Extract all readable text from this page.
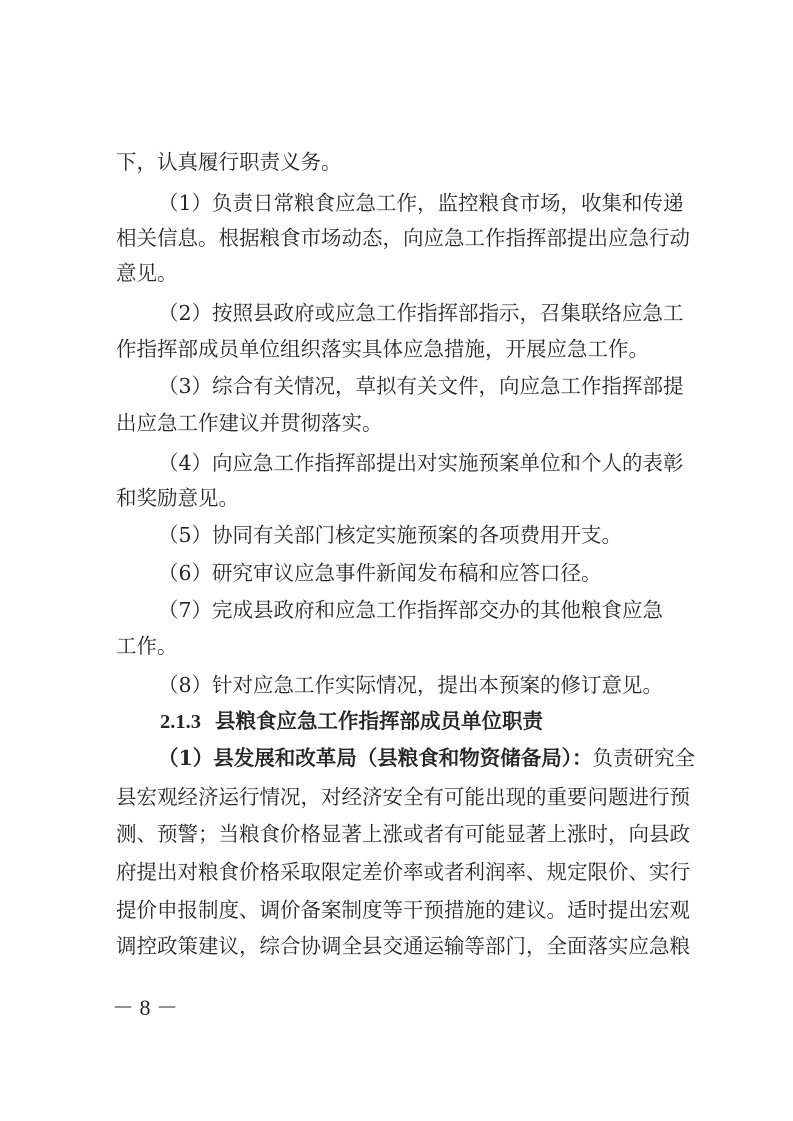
下，认真履行职责义务。

（1）负责日常粮食应急工作，监控粮食市场，收集和传递

相关信息。根据粮食市场动态，向应急工作指挥部提出应急行动

意见。

（2）按照县政府或应急工作指挥部指示，召集联络应急工

作指挥部成员单位组织落实具体应急措施，开展应急工作。

（3）综合有关情况，草拟有关文件，向应急工作指挥部提

出应急工作建议并贯彻落实。

（4）向应急工作指挥部提出对实施预案单位和个人的表彰

和奖励意见。

（5）协同有关部门核定实施预案的各项费用开支。

（6）研究审议应急事件新闻发布稿和应答口径。

（7）完成县政府和应急工作指挥部交办的其他粮食应急

工作。

（8）针对应急工作实际情况，提出本预案的修订意见。

2.1.3 县粮食应急工作指挥部成员单位职责

（1）县发展和改革局（县粮食和物资储备局）：负责研究全

县宏观经济运行情况，对经济安全有可能出现的重要问题进行预

测、预警；当粮食价格显著上涨或者有可能显著上涨时，向县政

府提出对粮食价格采取限定差价率或者利润率、规定限价、实行

提价申报制度、调价备案制度等干预措施的建议。适时提出宏观

调控政策建议，综合协调全县交通运输等部门，全面落实应急粮

－ 8 －
